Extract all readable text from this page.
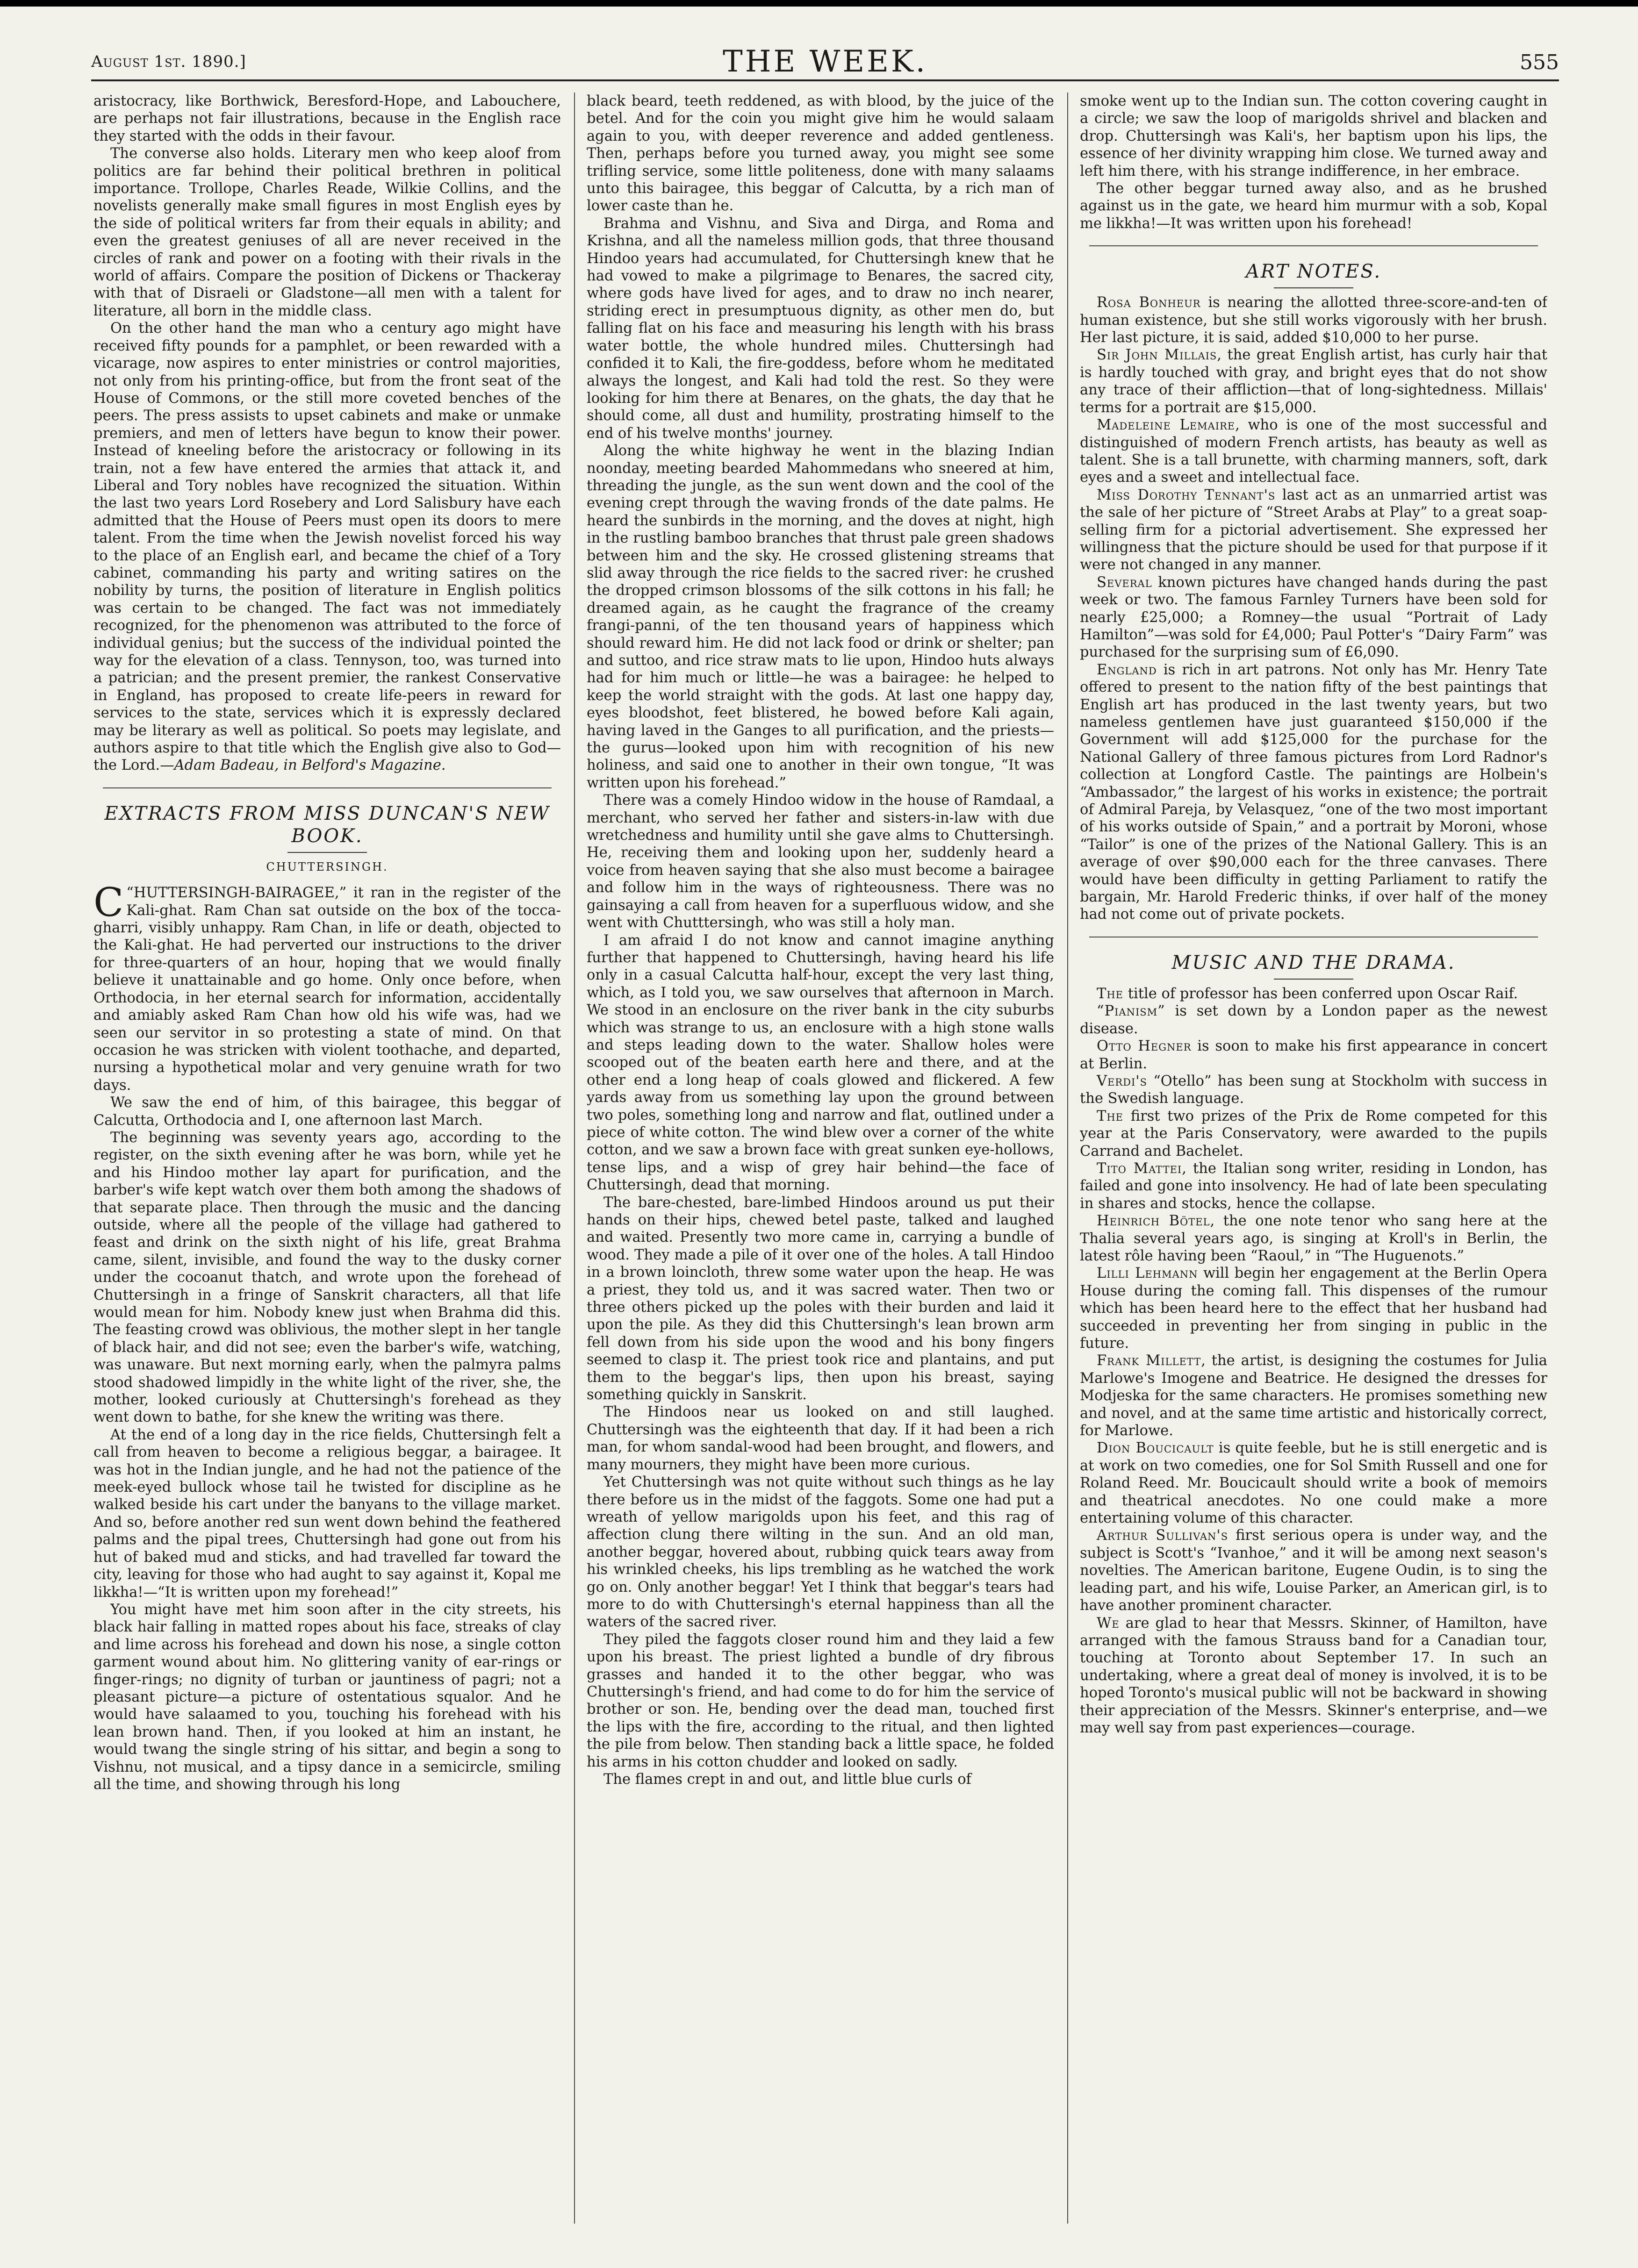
August 1st. 1890.]	THE WEEK.	555

aristocracy, like Borthwick, Beresford-Hope, and Labouchere, are perhaps not fair illustrations, because in the English race they started with the odds in their favour.

The converse also holds. Literary men who keep aloof from politics are far behind their political brethren in political importance. Trollope, Charles Reade, Wilkie Collins, and the novelists generally make small figures in most English eyes by the side of political writers far from their equals in ability; and even the greatest geniuses of all are never received in the circles of rank and power on a footing with their rivals in the world of affairs. Compare the position of Dickens or Thackeray with that of Disraeli or Gladstone—all men with a talent for literature, all born in the middle class.

On the other hand the man who a century ago might have received fifty pounds for a pamphlet, or been rewarded with a vicarage, now aspires to enter ministries or control majorities, not only from his printing-office, but from the front seat of the House of Commons, or the still more coveted benches of the peers. The press assists to upset cabinets and make or unmake premiers, and men of letters have begun to know their power. Instead of kneeling before the aristocracy or following in its train, not a few have entered the armies that attack it, and Liberal and Tory nobles have recognized the situation. Within the last two years Lord Rosebery and Lord Salisbury have each admitted that the House of Peers must open its doors to mere talent. From the time when the Jewish novelist forced his way to the place of an English earl, and became the chief of a Tory cabinet, commanding his party and writing satires on the nobility by turns, the position of literature in English politics was certain to be changed. The fact was not immediately recognized, for the phenomenon was attributed to the force of individual genius; but the success of the individual pointed the way for the elevation of a class. Tennyson, too, was turned into a patrician; and the present premier, the rankest Conservative in England, has proposed to create life-peers in reward for services to the state, services which it is expressly declared may be literary as well as political. So poets may legislate, and authors aspire to that title which the English give also to God—the Lord.—Adam Badeau, in Belford's Magazine.

EXTRACTS FROM MISS DUNCAN'S NEW BOOK.

CHUTTERSINGH.

“
C HUTTERSINGH-BAIRAGEE,” it ran in the register of the Kali-ghat. Ram Chan sat outside on the box of the tocca-gharri, visibly unhappy. Ram Chan, in life or death, objected to the Kali-ghat. He had perverted our instructions to the driver for three-quarters of an hour, hoping that we would finally believe it unattainable and go home. Only once before, when Orthodocia, in her eternal search for information, accidentally and amiably asked Ram Chan how old his wife was, had we seen our servitor in so protesting a state of mind. On that occasion he was stricken with violent toothache, and departed, nursing a hypothetical molar and very genuine wrath for two days.

We saw the end of him, of this bairagee, this beggar of Calcutta, Orthodocia and I, one afternoon last March.

The beginning was seventy years ago, according to the register, on the sixth evening after he was born, while yet he and his Hindoo mother lay apart for purification, and the barber's wife kept watch over them both among the shadows of that separate place. Then through the music and the dancing outside, where all the people of the village had gathered to feast and drink on the sixth night of his life, great Brahma came, silent, invisible, and found the way to the dusky corner under the cocoanut thatch, and wrote upon the forehead of Chuttersingh in a fringe of Sanskrit characters, all that life would mean for him. Nobody knew just when Brahma did this. The feasting crowd was oblivious, the mother slept in her tangle of black hair, and did not see; even the barber's wife, watching, was unaware. But next morning early, when the palmyra palms stood shadowed limpidly in the white light of the river, she, the mother, looked curiously at Chuttersingh's forehead as they went down to bathe, for she knew the writing was there.

At the end of a long day in the rice fields, Chuttersingh felt a call from heaven to become a religious beggar, a bairagee. It was hot in the Indian jungle, and he had not the patience of the meek-eyed bullock whose tail he twisted for discipline as he walked beside his cart under the banyans to the village market. And so, before another red sun went down behind the feathered palms and the pipal trees, Chuttersingh had gone out from his hut of baked mud and sticks, and had travelled far toward the city, leaving for those who had aught to say against it, Kopal me likkha!—“It is written upon my forehead!”

You might have met him soon after in the city streets, his black hair falling in matted ropes about his face, streaks of clay and lime across his forehead and down his nose, a single cotton garment wound about him. No glittering vanity of ear-rings or finger-rings; no dignity of turban or jauntiness of pagri; not a pleasant picture—a picture of ostentatious squalor. And he would have salaamed to you, touching his forehead with his lean brown hand. Then, if you looked at him an instant, he would twang the single string of his sittar, and begin a song to Vishnu, not musical, and a tipsy dance in a semicircle, smiling all the time, and showing through his long

black beard, teeth reddened, as with blood, by the juice of the betel. And for the coin you might give him he would salaam again to you, with deeper reverence and added gentleness. Then, perhaps before you turned away, you might see some trifling service, some little politeness, done with many salaams unto this bairagee, this beggar of Calcutta, by a rich man of lower caste than he.

Brahma and Vishnu, and Siva and Dirga, and Roma and Krishna, and all the nameless million gods, that three thousand Hindoo years had accumulated, for Chuttersingh knew that he had vowed to make a pilgrimage to Benares, the sacred city, where gods have lived for ages, and to draw no inch nearer, striding erect in presumptuous dignity, as other men do, but falling flat on his face and measuring his length with his brass water bottle, the whole hundred miles. Chuttersingh had confided it to Kali, the fire-goddess, before whom he meditated always the longest, and Kali had told the rest. So they were looking for him there at Benares, on the ghats, the day that he should come, all dust and humility, prostrating himself to the end of his twelve months' journey.

Along the white highway he went in the blazing Indian noonday, meeting bearded Mahommedans who sneered at him, threading the jungle, as the sun went down and the cool of the evening crept through the waving fronds of the date palms. He heard the sunbirds in the morning, and the doves at night, high in the rustling bamboo branches that thrust pale green shadows between him and the sky. He crossed glistening streams that slid away through the rice fields to the sacred river: he crushed the dropped crimson blossoms of the silk cottons in his fall; he dreamed again, as he caught the fragrance of the creamy frangi-panni, of the ten thousand years of happiness which should reward him. He did not lack food or drink or shelter; pan and suttoo, and rice straw mats to lie upon, Hindoo huts always had for him much or little—he was a bairagee: he helped to keep the world straight with the gods. At last one happy day, eyes bloodshot, feet blistered, he bowed before Kali again, having laved in the Ganges to all purification, and the priests—the gurus—looked upon him with recognition of his new holiness, and said one to another in their own tongue, “It was written upon his forehead.”

There was a comely Hindoo widow in the house of Ramdaal, a merchant, who served her father and sisters-in-law with due wretchedness and humility until she gave alms to Chuttersingh. He, receiving them and looking upon her, suddenly heard a voice from heaven saying that she also must become a bairagee and follow him in the ways of righteousness. There was no gainsaying a call from heaven for a superfluous widow, and she went with Chutttersingh, who was still a holy man.

I am afraid I do not know and cannot imagine anything further that happened to Chuttersingh, having heard his life only in a casual Calcutta half-hour, except the very last thing, which, as I told you, we saw ourselves that afternoon in March. We stood in an enclosure on the river bank in the city suburbs which was strange to us, an enclosure with a high stone walls and steps leading down to the water. Shallow holes were scooped out of the beaten earth here and there, and at the other end a long heap of coals glowed and flickered. A few yards away from us something lay upon the ground between two poles, something long and narrow and flat, outlined under a piece of white cotton. The wind blew over a corner of the white cotton, and we saw a brown face with great sunken eye-hollows, tense lips, and a wisp of grey hair behind—the face of Chuttersingh, dead that morning.

The bare-chested, bare-limbed Hindoos around us put their hands on their hips, chewed betel paste, talked and laughed and waited. Presently two more came in, carrying a bundle of wood. They made a pile of it over one of the holes. A tall Hindoo in a brown loincloth, threw some water upon the heap. He was a priest, they told us, and it was sacred water. Then two or three others picked up the poles with their burden and laid it upon the pile. As they did this Chuttersingh's lean brown arm fell down from his side upon the wood and his bony fingers seemed to clasp it. The priest took rice and plantains, and put them to the beggar's lips, then upon his breast, saying something quickly in Sanskrit.

The Hindoos near us looked on and still laughed. Chuttersingh was the eighteenth that day. If it had been a rich man, for whom sandal-wood had been brought, and flowers, and many mourners, they might have been more curious.

Yet Chuttersingh was not quite without such things as he lay there before us in the midst of the faggots. Some one had put a wreath of yellow marigolds upon his feet, and this rag of affection clung there wilting in the sun. And an old man, another beggar, hovered about, rubbing quick tears away from his wrinkled cheeks, his lips trembling as he watched the work go on. Only another beggar! Yet I think that beggar's tears had more to do with Chuttersingh's eternal happiness than all the waters of the sacred river.

They piled the faggots closer round him and they laid a few upon his breast. The priest lighted a bundle of dry fibrous grasses and handed it to the other beggar, who was Chuttersingh's friend, and had come to do for him the service of brother or son. He, bending over the dead man, touched first the lips with the fire, according to the ritual, and then lighted the pile from below. Then standing back a little space, he folded his arms in his cotton chudder and looked on sadly.

The flames crept in and out, and little blue curls of

smoke went up to the Indian sun. The cotton covering caught in a circle; we saw the loop of marigolds shrivel and blacken and drop. Chuttersingh was Kali's, her baptism upon his lips, the essence of her divinity wrapping him close. We turned away and left him there, with his strange indifference, in her embrace.

The other beggar turned away also, and as he brushed against us in the gate, we heard him murmur with a sob, Kopal me likkha!—It was written upon his forehead!

ART NOTES.

Rosa Bonheur is nearing the allotted three-score-and-ten of human existence, but she still works vigorously with her brush. Her last picture, it is said, added $10,000 to her purse.

Sir John Millais, the great English artist, has curly hair that is hardly touched with gray, and bright eyes that do not show any trace of their affliction—that of long-sightedness. Millais' terms for a portrait are $15,000.

Madeleine Lemaire, who is one of the most successful and distinguished of modern French artists, has beauty as well as talent. She is a tall brunette, with charming manners, soft, dark eyes and a sweet and intellectual face.

Miss Dorothy Tennant's last act as an unmarried artist was the sale of her picture of “Street Arabs at Play” to a great soap-selling firm for a pictorial advertisement. She expressed her willingness that the picture should be used for that purpose if it were not changed in any manner.

Several known pictures have changed hands during the past week or two. The famous Farnley Turners have been sold for nearly £25,000; a Romney—the usual “Portrait of Lady Hamilton”—was sold for £4,000; Paul Potter's “Dairy Farm” was purchased for the surprising sum of £6,090.

England is rich in art patrons. Not only has Mr. Henry Tate offered to present to the nation fifty of the best paintings that English art has produced in the last twenty years, but two nameless gentlemen have just guaranteed $150,000 if the Government will add $125,000 for the purchase for the National Gallery of three famous pictures from Lord Radnor's collection at Longford Castle. The paintings are Holbein's “Ambassador,” the largest of his works in existence; the portrait of Admiral Pareja, by Velasquez, “one of the two most important of his works outside of Spain,” and a portrait by Moroni, whose “Tailor” is one of the prizes of the National Gallery. This is an average of over $90,000 each for the three canvases. There would have been difficulty in getting Parliament to ratify the bargain, Mr. Harold Frederic thinks, if over half of the money had not come out of private pockets.

MUSIC AND THE DRAMA.

The title of professor has been conferred upon Oscar Raif.

“Pianism” is set down by a London paper as the newest disease.

Otto Hegner is soon to make his first appearance in concert at Berlin.

Verdi's “Otello” has been sung at Stockholm with success in the Swedish language.

The first two prizes of the Prix de Rome competed for this year at the Paris Conservatory, were awarded to the pupils Carrand and Bachelet.

Tito Mattei, the Italian song writer, residing in London, has failed and gone into insolvency. He had of late been speculating in shares and stocks, hence the collapse.

Heinrich Bötel, the one note tenor who sang here at the Thalia several years ago, is singing at Kroll's in Berlin, the latest rôle having been “Raoul,” in “The Huguenots.”

Lilli Lehmann will begin her engagement at the Berlin Opera House during the coming fall. This dispenses of the rumour which has been heard here to the effect that her husband had succeeded in preventing her from singing in public in the future.

Frank Millett, the artist, is designing the costumes for Julia Marlowe's Imogene and Beatrice. He designed the dresses for Modjeska for the same characters. He promises something new and novel, and at the same time artistic and historically correct, for Marlowe.

Dion Boucicault is quite feeble, but he is still energetic and is at work on two comedies, one for Sol Smith Russell and one for Roland Reed. Mr. Boucicault should write a book of memoirs and theatrical anecdotes. No one could make a more entertaining volume of this character.

Arthur Sullivan's first serious opera is under way, and the subject is Scott's “Ivanhoe,” and it will be among next season's novelties. The American baritone, Eugene Oudin, is to sing the leading part, and his wife, Louise Parker, an American girl, is to have another prominent character.

We are glad to hear that Messrs. Skinner, of Hamilton, have arranged with the famous Strauss band for a Canadian tour, touching at Toronto about September 17. In such an undertaking, where a great deal of money is involved, it is to be hoped Toronto's musical public will not be backward in showing their appreciation of the Messrs. Skinner's enterprise, and—we may well say from past experiences—courage.
